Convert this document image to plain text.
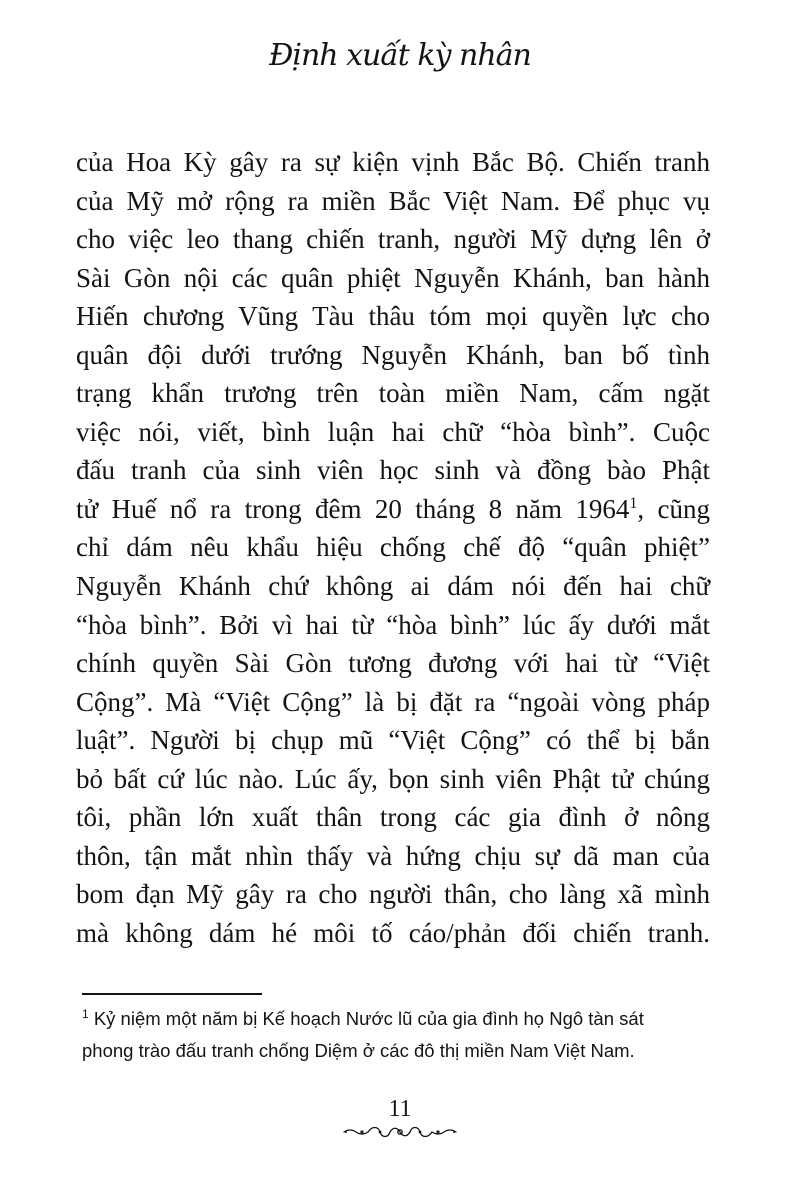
Định xuất kỳ nhân
của Hoa Kỳ gây ra sự kiện vịnh Bắc Bộ. Chiến tranh
của Mỹ mở rộng ra miền Bắc Việt Nam. Để phục vụ
cho việc leo thang chiến tranh, người Mỹ dựng lên ở
Sài Gòn nội các quân phiệt Nguyễn Khánh, ban hành
Hiến chương Vũng Tàu thâu tóm mọi quyền lực cho
quân đội dưới trướng Nguyễn Khánh, ban bố tình
trạng khẩn trương trên toàn miền Nam, cấm ngặt
việc nói, viết, bình luận hai chữ “hòa bình”. Cuộc
đấu tranh của sinh viên học sinh và đồng bào Phật
tử Huế nổ ra trong đêm 20 tháng 8 năm 1964$^1$, cũng
chỉ dám nêu khẩu hiệu chống chế độ “quân phiệt”
Nguyễn Khánh chứ không ai dám nói đến hai chữ
“hòa bình”. Bởi vì hai từ “hòa bình” lúc ấy dưới mắt
chính quyền Sài Gòn tương đương với hai từ “Việt
Cộng”. Mà “Việt Cộng” là bị đặt ra “ngoài vòng pháp
luật”. Người bị chụp mũ “Việt Cộng” có thể bị bắn
bỏ bất cứ lúc nào. Lúc ấy, bọn sinh viên Phật tử chúng
tôi, phần lớn xuất thân trong các gia đình ở nông
thôn, tận mắt nhìn thấy và hứng chịu sự dã man của
bom đạn Mỹ gây ra cho người thân, cho làng xã mình
mà không dám hé môi tố cáo/phản đối chiến tranh.
$^1$ Kỷ niệm một năm bị Kế hoạch Nước lũ của gia đình họ Ngô tàn sát
phong trào đấu tranh chống Diệm ở các đô thị miền Nam Việt Nam.
11
